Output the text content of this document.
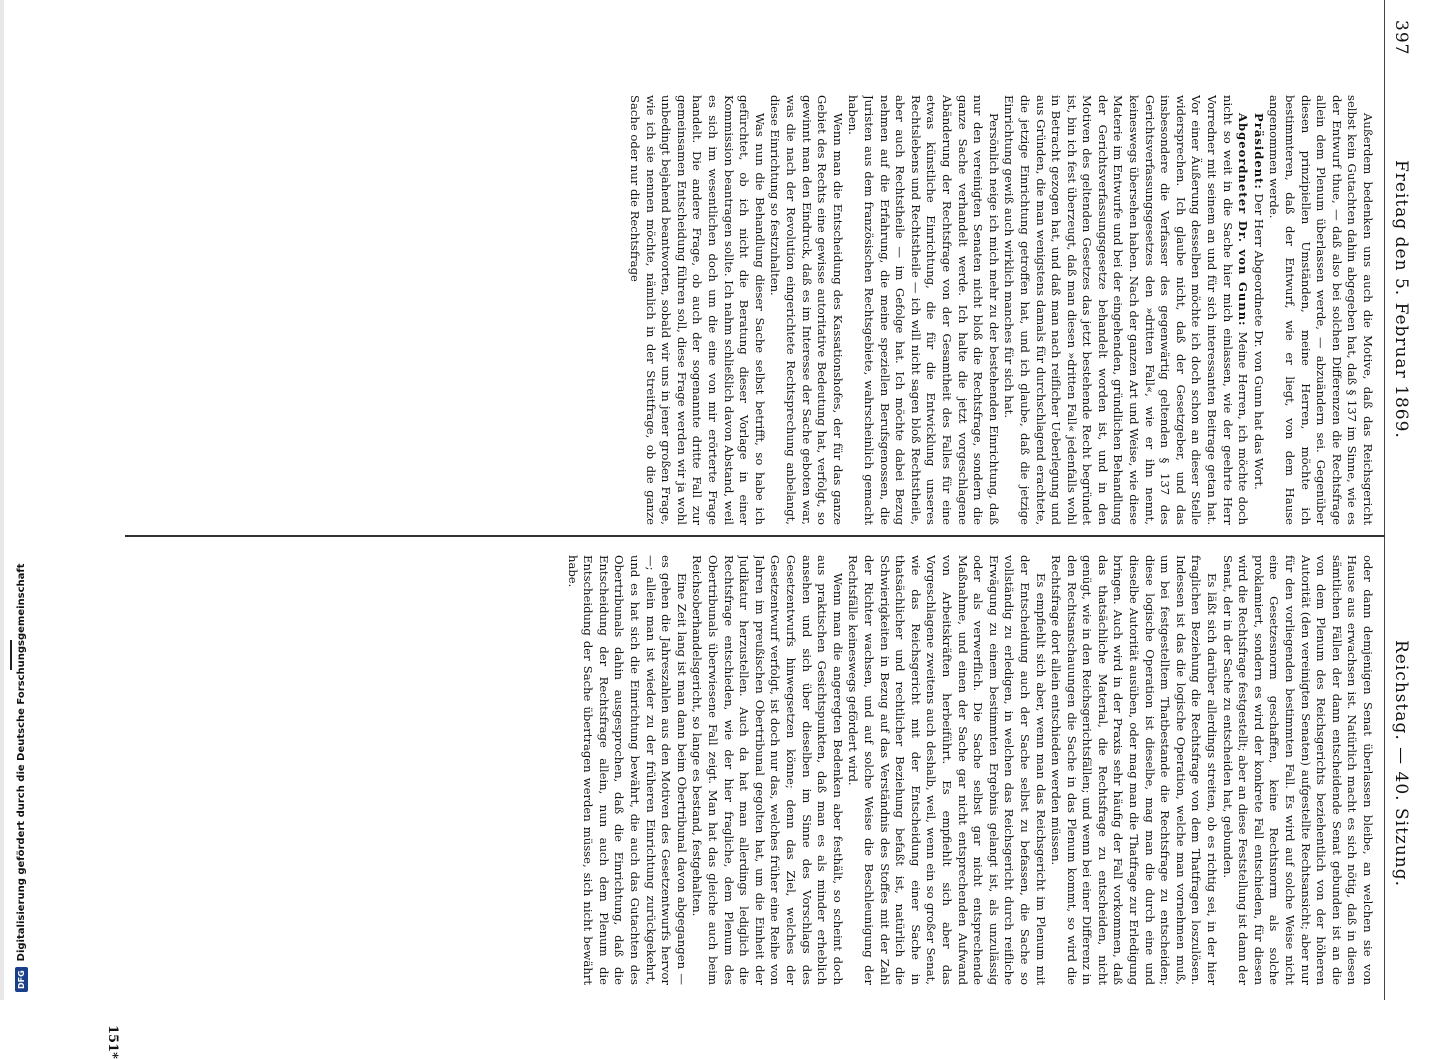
DFGDigitalisierung gefördert durch die Deutsche Forschungsgemeinschaft
397
Freitag den 5. Februar 1869.
Reichstag. — 40. Sitzung.

Außerdem bedenken uns auch die Motive, daß das Reichsgericht selbst kein Gutachten dahin abgegeben hat, daß § 137 im Sinne, wie es der Entwurf thue, — daß also bei solchen Differenzen die Rechtsfrage allein dem Plenum überlassen werde, — abzuändern sei. Gegenüber diesen prinzipiellen Umständen, meine Herren, möchte ich bestimmteren, daß der Entwurf, wie er liegt, von dem Hause angenommen werde.

Präsident: Der Herr Abgeordnete Dr. von Gunn hat das Wort.

Abgeordneter Dr. von Gunn: Meine Herren, ich möchte doch nicht so weit in die Sache hier mich einlassen, wie der geehrte Herr Vorredner mit seinem an und für sich interessanten Beitrage getan hat. Vor einer Äußerung desselben möchte ich doch schon an dieser Stelle widersprechen. Ich glaube nicht, daß der Gesetzgeber, und das insbesondere die Verfasser des gegenwärtig geltenden § 137 des Gerichtsverfassungsgesetzes den »dritten Fall«, wie er ihn nennt, keineswegs übersehen haben. Nach der ganzen Art und Weise, wie diese Materie im Entwurfe und bei der eingehenden, gründlichen Behandlung der Gerichtsverfassungsgesetze behandelt worden ist, und in den Motiven des geltenden Gesetzes das jetzt bestehende Recht begründet ist, bin ich fest überzeugt, daß man diesen »dritten Fall« jedenfalls wohl in Betracht gezogen hat, und daß man nach reiflicher Ueberlegung und aus Gründen, die man wenigstens damals für durchschlagend erachtete, die jetzige Einrichtung getroffen hat, und ich glaube, daß die jetzige Einrichtung gewiß auch wirklich manches für sich hat.

Persönlich neige ich mich mehr zu der bestehenden Einrichtung, daß nur den vereinigten Senaten nicht bloß die Rechtsfrage, sondern die ganze Sache verhandelt werde. Ich halte die jetzt vorgeschlagene Abänderung der Rechtsfrage von der Gesamtheit des Falles für eine etwas künstliche Einrichtung, die für die Entwicklung unseres Rechtslebens und Rechtstheile — ich will nicht sagen bloß Rechtstheile, aber auch Rechtstheile — im Gefolge hat. Ich möchte dabei Bezug nehmen auf die Erfahrung, die meine speziellen Berufsgenossen, die Juristen aus dem französischen Rechtsgebiete, wahrscheinlich gemacht haben.

Wenn man die Entscheidung des Kassationshofes, der für das ganze Gebiet des Rechts eine gewisse autoritative Bedeutung hat, verfolgt, so gewinnt man den Eindruck, daß es im Interesse der Sache geboten war, was die nach der Revolution eingerichtete Rechtsprechung anbelangt, diese Einrichtung so festzuhalten.

Was nun die Behandlung dieser Sache selbst betrifft, so habe ich gefürchtet, ob ich nicht die Beratung dieser Vorlage in einer Kommission beantragen sollte. Ich nahm schließlich davon Abstand, weil es sich im wesentlichen doch um die eine von mir erörterte Frage handelt. Die andere Frage, ob auch der sogenannte dritte Fall zur gemeinsamen Entscheidung führen soll, diese Frage werden wir ja wohl unbedingt bejahend beantworten, sobald wir uns in jener großen Frage, wie ich sie nennen möchte, nämlich in der Streitfrage, ob die ganze Sache oder nur die Rechtsfrage

oder dann demjenigen Senat überlassen bleibe, an welchen sie von Hause aus erwachsen ist. Natürlich macht es sich nötig, daß in diesen sämtlichen Fällen der dann entscheidende Senat gebunden ist an die von dem Plenum des Reichsgerichts beziehentlich von der höheren Autorität (den vereinigten Senaten) aufgestellte Rechtsansicht; aber nur für den vorliegenden bestimmten Fall. Es wird auf solche Weise nicht eine Gesetzesnorm geschaffen, keine Rechtsnorm als solche proklamiert, sondern es wird der konkrete Fall entschieden, für diesen wird die Rechtsfrage festgestellt; aber an diese Feststellung ist dann der Senat, der in der Sache zu entscheiden hat, gebunden.

Es läßt sich darüber allerdings streiten, ob es richtig sei, in der hier fraglichen Beziehung die Rechtsfrage von dem Thatfragen loszulösen. Indessen ist das die logische Operation, welche man vornehmen muß, um bei festgestelltem Thatbestande die Rechtsfrage zu entscheiden; diese logische Operation ist dieselbe, mag man die durch eine und dieselbe Autorität ausüben, oder mag man die Thatfrage zur Erledigung bringen. Auch wird in der Praxis sehr häufig der Fall vorkommen, daß das thatsächliche Material, die Rechtsfrage zu entscheiden, nicht genügt, wie in den Reichsgerichtsfällen; und wenn bei einer Differenz in den Rechtsanschauungen die Sache in das Plenum kommt, so wird die Rechtsfrage dort allein entschieden werden müssen.

Es empfiehlt sich aber, wenn man das Reichsgericht im Plenum mit der Entscheidung auch der Sache selbst zu befassen, die Sache so vollständig zu erledigen, in welchen das Reichsgericht durch reifliche Erwägung zu einem bestimmten Ergebnis gelangt ist, als unzulässig oder als verwerflich. Die Sache selbst gar nicht entsprechende Maßnahme, und einen der Sache gar nicht entsprechenden Aufwand von Arbeitskräften herbeiführt. Es empfiehlt sich aber das Vorgeschlagene zweitens auch deshalb, weil, wenn ein so großer Senat, wie das Reichsgericht mit der Entscheidung einer Sache in thatsächlicher und rechtlicher Beziehung befaßt ist, natürlich die Schwierigkeiten in Bezug auf das Verständnis des Stoffes mit der Zahl der Richter wachsen, und auf solche Weise die Beschleunigung der Rechtsfälle keineswegs gefördert wird.

Wenn man die angeregten Bedenken aber festhält, so scheint doch aus praktischen Gesichtspunkten, daß man es als minder erheblich ansehen und sich über dieselben im Sinne des Vorschlags des Gesetzentwurfs hinwegsetzen könne; denn das Ziel, welches der Gesetzentwurf verfolgt, ist doch nur das, welches früher eine Reihe von Jahren im preußischen Obertribunal gegolten hat, um die Einheit der Judikatur herzustellen. Auch da hat man allerdings lediglich die Rechtsfrage entschieden, wie der hier fragliche, dem Plenum des Obertribunals überwiesene Fall zeigt. Man hat das gleiche auch beim Reichsoberhandelsgericht, so lange es bestand, festgehalten.

Eine Zeit lang ist man dann beim Obertribunal davon abgegangen — es gehen die Jahreszahlen aus den Motiven des Gesetzentwurfs hervor —; allein man ist wieder zu der früheren Einrichtung zurückgekehrt, und es hat sich die Einrichtung bewährt, die auch das Gutachten des Obertribunals dahin ausgesprochen, daß die Einrichtung, daß die Entscheidung der Rechtsfrage allein, nun auch dem Plenum die Entscheidung der Sache übertragen werden müsse, sich nicht bewährt habe.

151*
